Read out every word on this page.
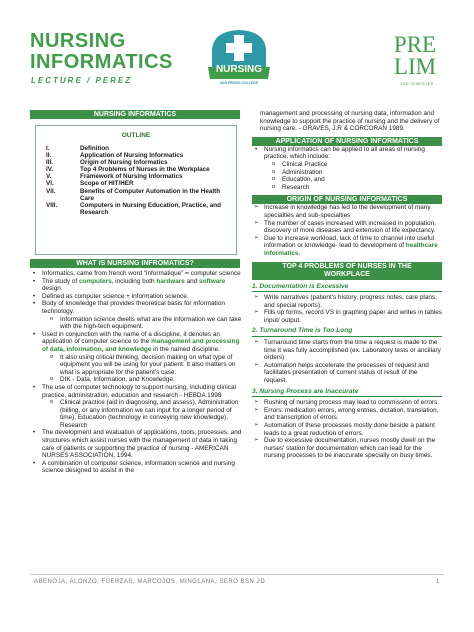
NURSING
INFORMATICS
LECTURE / PEREZ
NURSING
SAN PEDRO COLLEGE
PRE
LIM
2ND SEMESTER
NURSING INFORMATICS
OUTLINE
I.	Definition
II.	Application of Nursing Informatics
III.	Origin of Nursing Informatics
IV.	Top 4 Problems of Nurses in the Workplace
V.	Framework of Nursing Informatics
VI.	Scope of HIT/HER
VII.	Benefits of Computer Automation in the Health Care
VIII.	Computers in Nursing Education, Practice, and Research
WHAT IS NURSING INFROMATICS?
• Informatics, came from french word “informatique” = computer science
• The study of computers, including both hardware and software design.
• Defined as computer science + information science.
• Body of knowledge that provides theoretical basis for information technology.
o Information science dwells what are the information we can take with the high-tech equipment.
• Used in conjunction with the name of a discipline, it denotes an application of computer science to the management and processing of data, information, and knowledge in the named discipline.
o It also using critical thinking, decision making on what type of equipment you will be using for your patient. It also matters on what is appropriate for the patient's case.
o DIK - Data, Information, and Knowledge.
• The use of computer technology to support nursing, including clinical practice, administration, education and research - HEBDA 1998
o Clinical practice (aid in diagnosing, and assess), Administration (billing, or any information we can input for a longer period of time), Education (technology in conveying new knowledge), Research
• The development and evaluation of applications, tools, processes, and structures which assist nurses with the management of data in taking care of patients or supporting the practice of nursing - AMERICAN NURSES ASSOCIATION, 1994.
• A combination of computer science, information science and nursing science designed to assist in the
management and processing of nursing data, information and knowledge to support the practice of nursing and the delivery of nursing care. - GRAVES, J.R & CORCORAN 1989.
APPLICATION OF NURSING INFORMATICS
• Nursing informatics can be applied to all areas of nursing practice, which include:
o Clinical Practice
o Administration
o Education, and
o Research
ORIGIN OF NURSING INFORMATICS
➢ Increase in knowledge has led to the development of many specialties and sub-specialties
➢ The number of cases increased with increased in population, discovery of more diseases and extension of life expectancy.
➢ Due to increase workload, lack of time to channel into useful information or knowledge- lead to development of healthcare informatics.
TOP 4 PROBLEMS OF NURSES IN THE
WORKPLACE
1. Documentation is Excessive
➢ Write narratives (patient's history, progress notes, care plans, and special reports).
➢ Fills up forms, record VS in graphing paper and writes in tables input/ output.
2. Turnaround Time is Too Long
➢ Turnaround time starts from the time a request is made to the time it was fully accomplished (ex. Laboratory tests or ancillary orders)
➢ Automation helps accelerate the processes of request and facilitates presentation of current status of result of the request.
3. Nursing Process are Inaccurate
➢ Rushing of nursing process may lead to commission of errors.
➢ Errors: medication errors, wrong entries, dictation, translation, and transcription of errors.
➢ Automation of these processes mostly done beside a patient leads to a great reduction of errors.
➢ Due to excessive documentation, nurses mostly dwell on the nurses' station for documentation which can lead for the nursing processes to be inaccurate specially on busy times.
ABENOJA, ALONZO, FUERZAS, MARCOJOS, MINGLANA, SERO BSN 2D	1
